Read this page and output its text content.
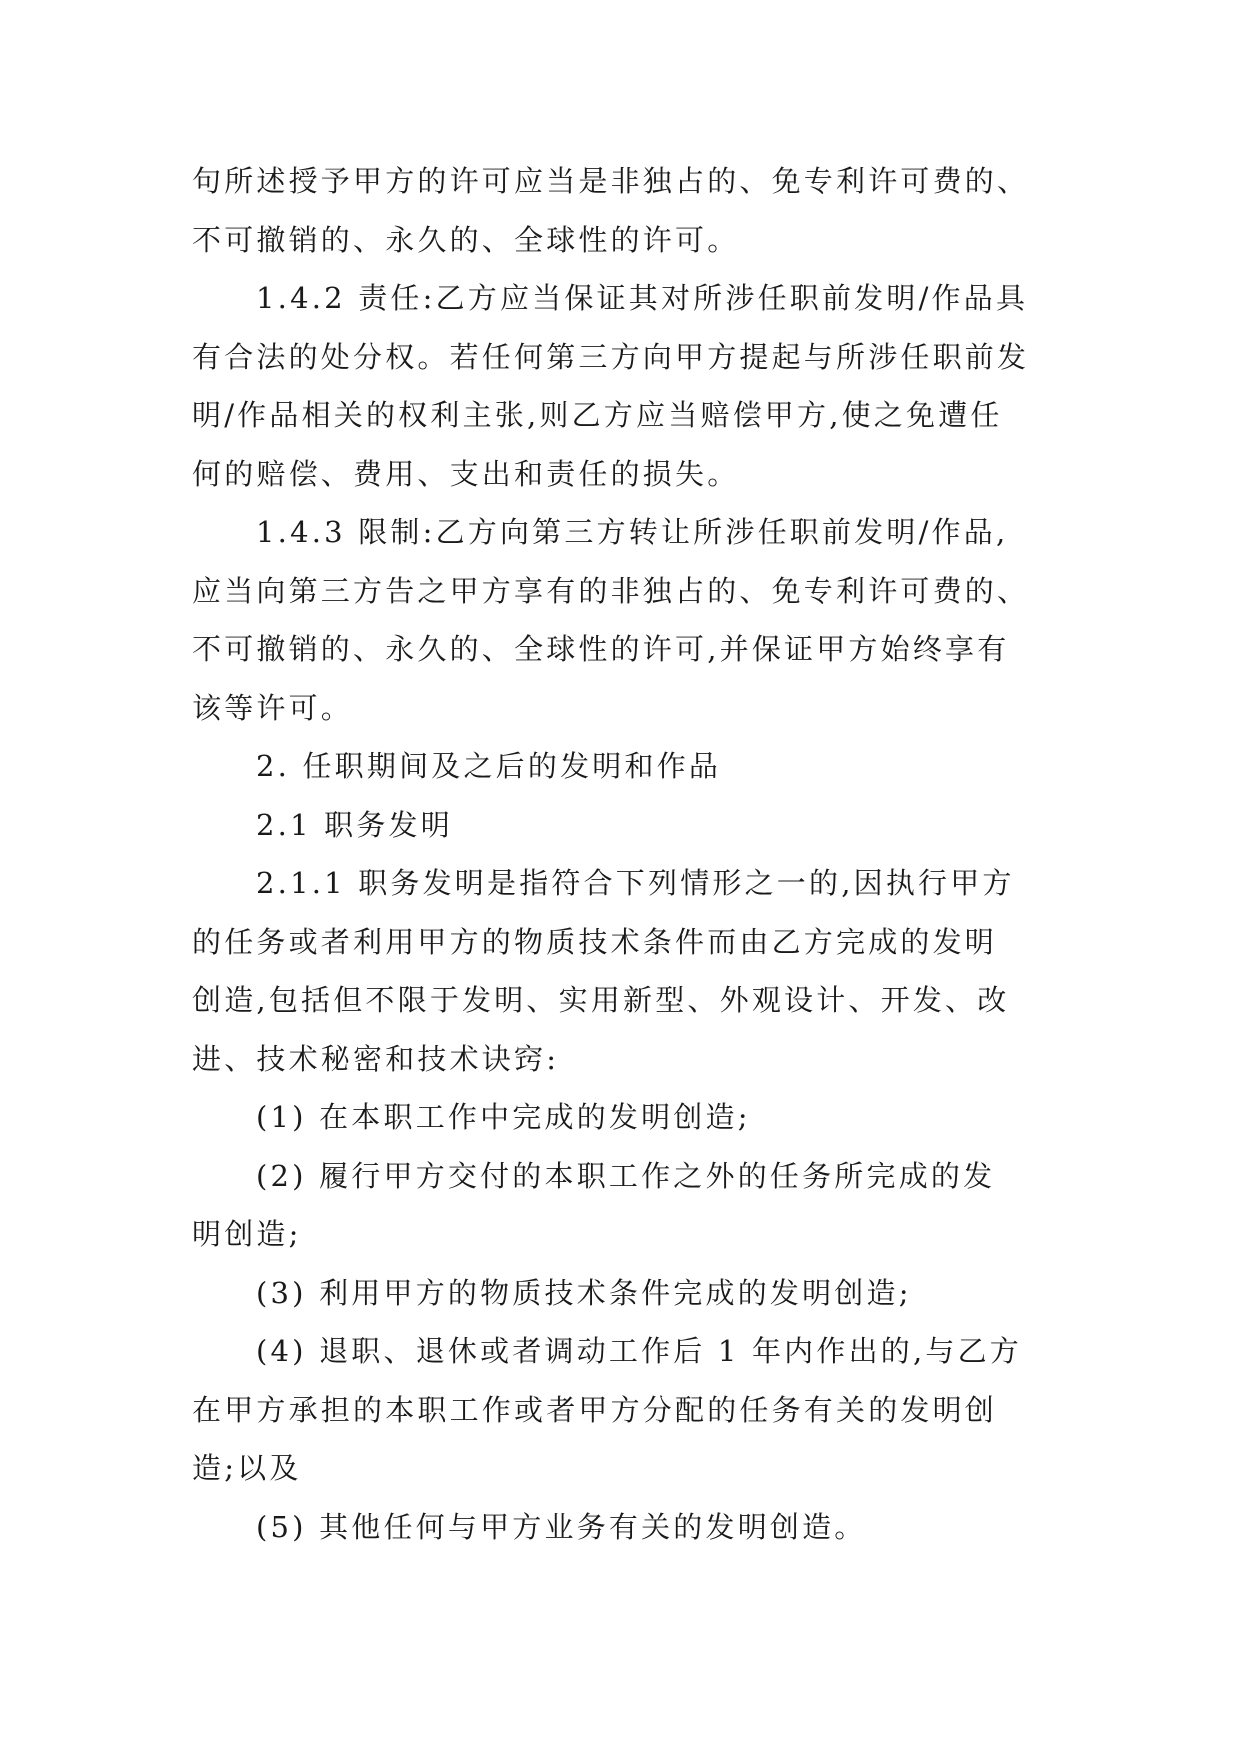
句所述授予甲方的许可应当是非独占的、免专利许可费的、
不可撤销的、永久的、全球性的许可。
1.4.2 责任:乙方应当保证其对所涉任职前发明/作品具
有合法的处分权。若任何第三方向甲方提起与所涉任职前发
明/作品相关的权利主张,则乙方应当赔偿甲方,使之免遭任
何的赔偿、费用、支出和责任的损失。
1.4.3 限制:乙方向第三方转让所涉任职前发明/作品,
应当向第三方告之甲方享有的非独占的、免专利许可费的、
不可撤销的、永久的、全球性的许可,并保证甲方始终享有
该等许可。
2. 任职期间及之后的发明和作品
2.1 职务发明
2.1.1 职务发明是指符合下列情形之一的,因执行甲方
的任务或者利用甲方的物质技术条件而由乙方完成的发明
创造,包括但不限于发明、实用新型、外观设计、开发、改
进、技术秘密和技术诀窍:
(1) 在本职工作中完成的发明创造;
(2) 履行甲方交付的本职工作之外的任务所完成的发
明创造;
(3) 利用甲方的物质技术条件完成的发明创造;
(4) 退职、退休或者调动工作后 1 年内作出的,与乙方
在甲方承担的本职工作或者甲方分配的任务有关的发明创
造;以及
(5) 其他任何与甲方业务有关的发明创造。
